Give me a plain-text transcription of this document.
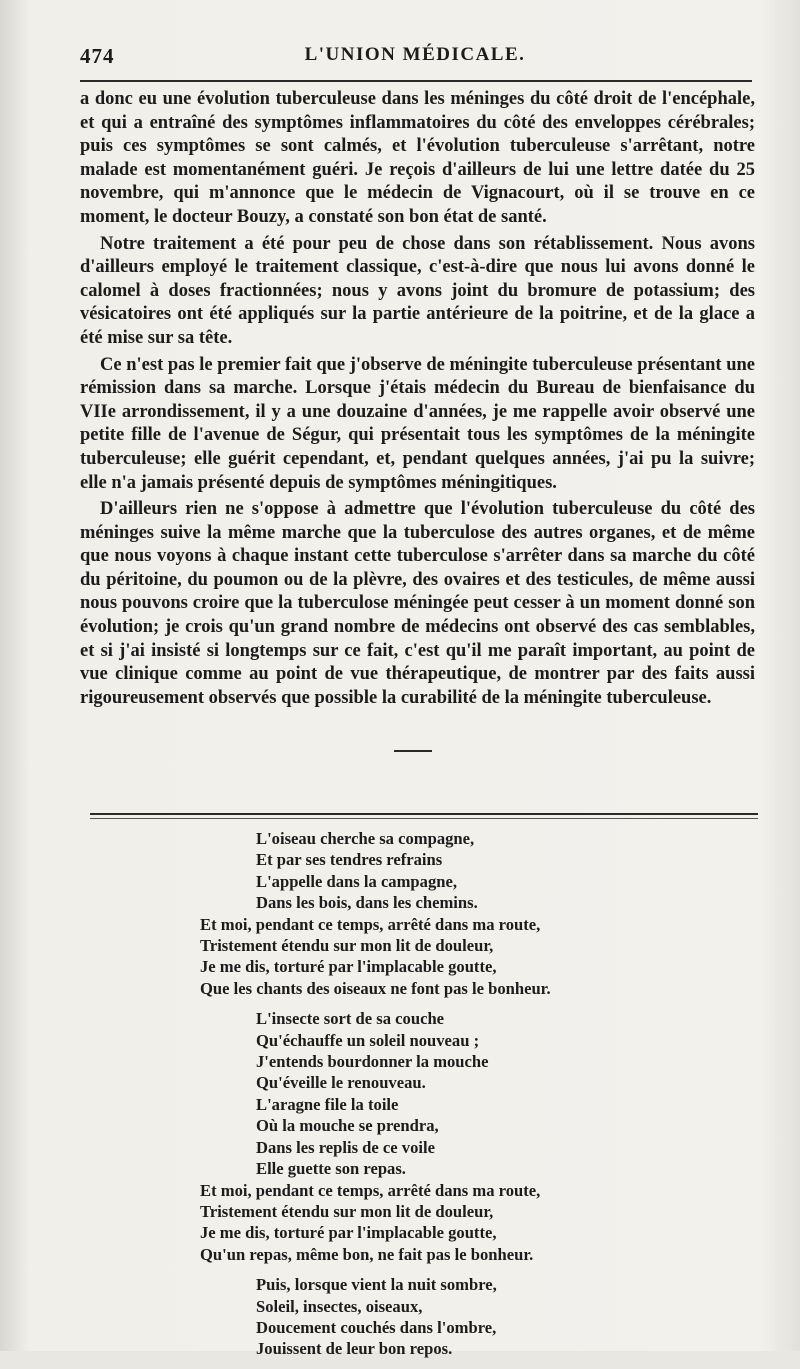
474	L'UNION MÉDICALE.

a donc eu une évolution tuberculeuse dans les méninges du côté droit de l'encéphale, et qui a entraîné des symptômes inflammatoires du côté des enveloppes cérébrales; puis ces symptômes se sont calmés, et l'évolution tuberculeuse s'arrêtant, notre malade est momentanément guéri. Je reçois d'ailleurs de lui une lettre datée du 25 novembre, qui m'annonce que le médecin de Vignacourt, où il se trouve en ce moment, le docteur Bouzy, a constaté son bon état de santé.

Notre traitement a été pour peu de chose dans son rétablissement. Nous avons d'ailleurs employé le traitement classique, c'est-à-dire que nous lui avons donné le calomel à doses fractionnées; nous y avons joint du bromure de potassium; des vésicatoires ont été appliqués sur la partie antérieure de la poitrine, et de la glace a été mise sur sa tête.

Ce n'est pas le premier fait que j'observe de méningite tuberculeuse présentant une rémission dans sa marche. Lorsque j'étais médecin du Bureau de bienfaisance du VIIe arrondissement, il y a une douzaine d'années, je me rappelle avoir observé une petite fille de l'avenue de Ségur, qui présentait tous les symptômes de la méningite tuberculeuse; elle guérit cependant, et, pendant quelques années, j'ai pu la suivre; elle n'a jamais présenté depuis de symptômes méningitiques.

D'ailleurs rien ne s'oppose à admettre que l'évolution tuberculeuse du côté des méninges suive la même marche que la tuberculose des autres organes, et de même que nous voyons à chaque instant cette tuberculose s'arrêter dans sa marche du côté du péritoine, du poumon ou de la plèvre, des ovaires et des testicules, de même aussi nous pouvons croire que la tuberculose méningée peut cesser à un moment donné son évolution; je crois qu'un grand nombre de médecins ont observé des cas semblables, et si j'ai insisté si longtemps sur ce fait, c'est qu'il me paraît important, au point de vue clinique comme au point de vue thérapeutique, de montrer par des faits aussi rigoureusement observés que possible la curabilité de la méningite tuberculeuse.

L'oiseau cherche sa compagne,
Et par ses tendres refrains
L'appelle dans la campagne,
Dans les bois, dans les chemins.
Et moi, pendant ce temps, arrêté dans ma route,
Tristement étendu sur mon lit de douleur,
Je me dis, torturé par l'implacable goutte,
Que les chants des oiseaux ne font pas le bonheur.
L'insecte sort de sa couche
Qu'échauffe un soleil nouveau ;
J'entends bourdonner la mouche
Qu'éveille le renouveau.
L'aragne file la toile
Où la mouche se prendra,
Dans les replis de ce voile
Elle guette son repas.
Et moi, pendant ce temps, arrêté dans ma route,
Tristement étendu sur mon lit de douleur,
Je me dis, torturé par l'implacable goutte,
Qu'un repas, même bon, ne fait pas le bonheur.
Puis, lorsque vient la nuit sombre,
Soleil, insectes, oiseaux,
Doucement couchés dans l'ombre,
Jouissent de leur bon repos.
